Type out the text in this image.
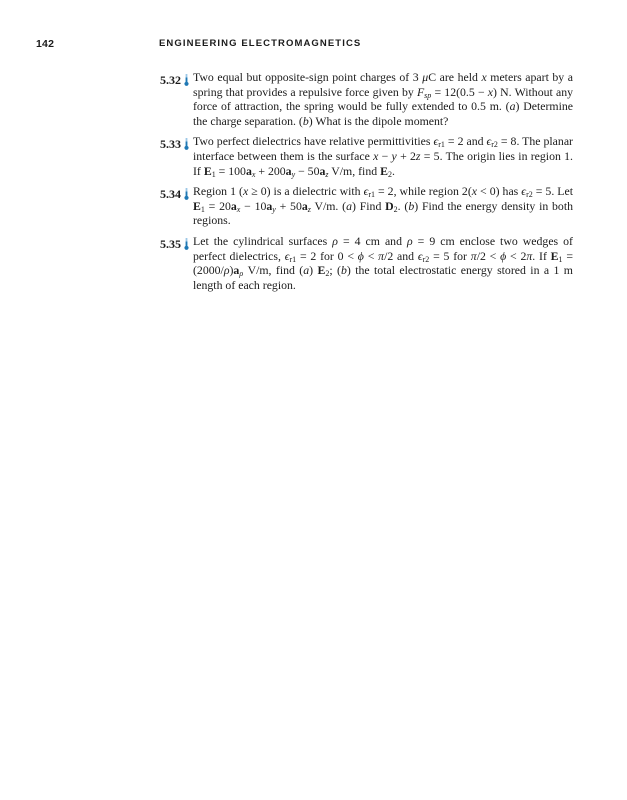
142	ENGINEERING ELECTROMAGNETICS
5.32 Two equal but opposite-sign point charges of 3 μC are held x meters apart by a spring that provides a repulsive force given by $F_{sp} = 12(0.5 - x)$ N. Without any force of attraction, the spring would be fully extended to 0.5 m. (a) Determine the charge separation. (b) What is the dipole moment?
5.33 Two perfect dielectrics have relative permittivities $\epsilon_{r1} = 2$ and $\epsilon_{r2} = 8$. The planar interface between them is the surface x − y + 2z = 5. The origin lies in region 1. If $E_1 = 100a_x + 200a_y - 50a_z$ V/m, find $E_2$.
5.34 Region 1 (x ≥ 0) is a dielectric with $\epsilon_{r1} = 2$, while region 2(x < 0) has $\epsilon_{r2} = 5$. Let $E_1 = 20a_x - 10a_y + 50a_z$ V/m. (a) Find $D_2$. (b) Find the energy density in both regions.
5.35 Let the cylindrical surfaces ρ = 4 cm and ρ = 9 cm enclose two wedges of perfect dielectrics, $\epsilon_{r1} = 2$ for 0 < ϕ < π/2 and $\epsilon_{r2} = 5$ for π/2 < ϕ < 2π. If $E_1 = (2000/\rho)a_\rho$ V/m, find (a) $E_2$; (b) the total electrostatic energy stored in a 1 m length of each region.
